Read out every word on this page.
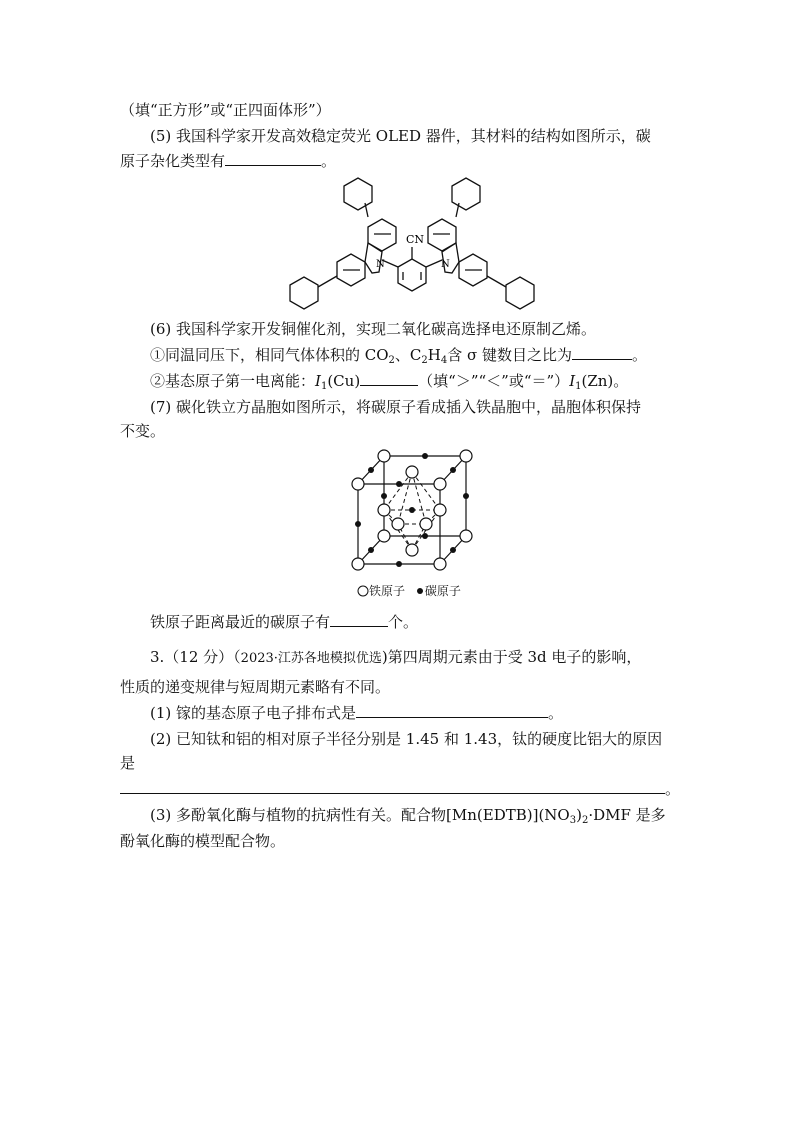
（填“正方形”或“正四面体形”）
(5) 我国科学家开发高效稳定荧光 OLED 器件，其材料的结构如图所示，碳
原子杂化类型有	。
CN
N	N
(6) 我国科学家开发铜催化剂，实现二氧化碳高选择电还原制乙烯。
①同温同压下，相同气体体积的 $CO_2$、$C_2H_4$含 σ 键数目之比为	。
②基态原子第一电离能：$I_1(Cu)$	（填“＞”“＜”或“$=”)I_1(Zn)$。
(7) 碳化铁立方晶胞如图所示，将碳原子看成插入铁晶胞中，晶胞体积保持
不变。
铁原子 碳原子
铁原子距离最近的碳原子有	个。
3.（12 分）（2023·江苏各地模拟优选)第四周期元素由于受 3d 电子的影响，
性质的递变规律与短周期元素略有不同。
(1) 镓的基态原子电子排布式是	。
(2) 已知钛和铝的相对原子半径分别是 1.45 和 1.43，钛的硬度比铝大的原因
是
。
(3) 多酚氧化酶与植物的抗病性有关。配合物$[Mn(EDTB)](NO_3)_2\cdot DMF$ 是多
酚氧化酶的模型配合物。
